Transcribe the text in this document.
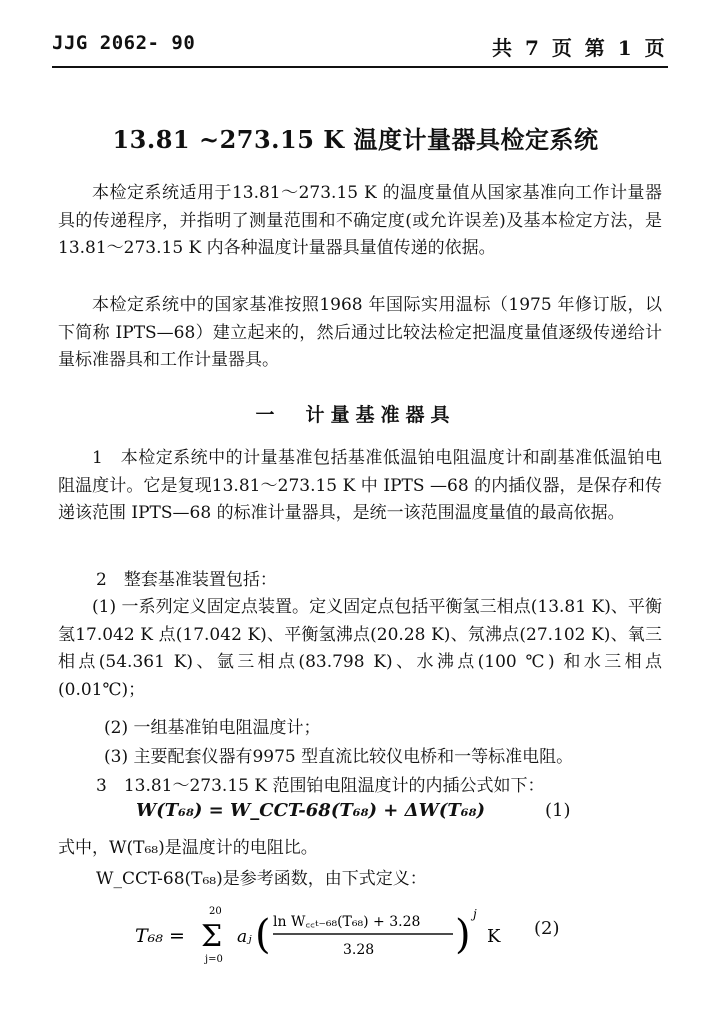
JJG 2062- 90	共 7 页 第 1 页
13.81 ~273.15 K 温度计量器具检定系统

本检定系统适用于13.81～273.15 K 的温度量值从国家基准向工作计量器具的传递程序，并指明了测量范围和不确定度(或允许误差)及基本检定方法，是13.81～273.15 K 内各种温度计量器具量值传递的依据。

本检定系统中的国家基准按照1968 年国际实用温标（1975 年修订版，以下简称 IPTS—68）建立起来的，然后通过比较法检定把温度量值逐级传递给计量标准器具和工作计量器具。

一　计量基准器具

1　本检定系统中的计量基准包括基准低温铂电阻温度计和副基准低温铂电阻温度计。它是复现13.81～273.15 K 中 IPTS —68 的内插仪器，是保存和传递该范围 IPTS—68 的标准计量器具，是统一该范围温度量值的最高依据。

2　整套基准装置包括：

(1) 一系列定义固定点装置。定义固定点包括平衡氢三相点(13.81 K)、平衡氢17.042 K 点(17.042 K)、平衡氢沸点(20.28 K)、氖沸点(27.102 K)、氧三相点(54.361 K)、氩三相点(83.798 K)、水沸点(100 ℃) 和水三相点(0.01℃)；

(2) 一组基准铂电阻温度计；

(3) 主要配套仪器有9975 型直流比较仪电桥和一等标准电阻。

3　13.81～273.15 K 范围铂电阻温度计的内插公式如下：

W(T₆₈) = W_CCT-68(T₆₈) + ΔW(T₆₈)	(1)

式中，W(T₆₈)是温度计的电阻比。

W_CCT-68(T₆₈)是参考函数，由下式定义：

T₆₈ =
20
Σ
j=0
aⱼ ( ln W꜀꜀ₜ₋₆₈(T₆₈) + 3.28
3.28 ) j
K (2)
